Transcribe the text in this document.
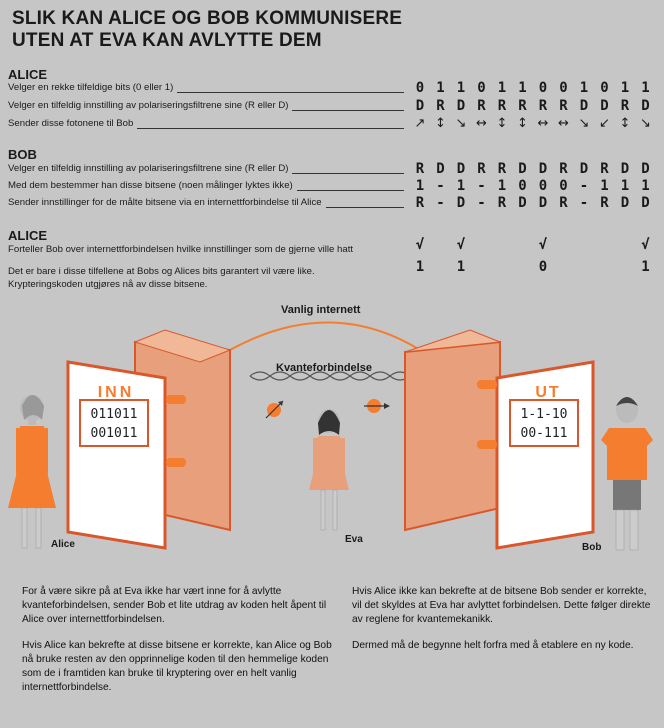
SLIK KAN ALICE OG BOB KOMMUNISERE
UTEN AT EVA KAN AVLYTTE DEM
ALICE
Velger en rekke tilfeldige bits (0 eller 1)
Velger en tilfeldig innstilling av polariseringsfiltrene sine (R eller D)
Sender disse fotonene til Bob
0 1 1 0 1 1 0 0 1 0 1 1
D R D R R R R R D D R D
↗ ↕ ↘ ↔ ↕ ↕ ↔ ↔ ↘ ↙ ↕ ↘
BOB
Velger en tilfeldig innstilling av polariseringsfiltrene sine (R eller D)
Med dem bestemmer han disse bitsene (noen målinger lyktes ikke)
Sender innstillinger for de målte bitsene via en internettforbindelse til Alice
R D D R R D D R D R D D
1 - 1 - 1 0 0 0 - 1 1 1
R - D - R D D R - R D D
ALICE
Forteller Bob over internettforbindelsen hvilke innstillinger som de gjerne ville hatt	√	√	√	√
1	1	0	1
Det er bare i disse tilfellene at Bobs og Alices bits garantert vil være like.
Krypteringskoden utgjøres nå av disse bitsene.
INN
011011
001011
UT
1-1-10
00-111
Vanlig internett
Kvanteforbindelse
Alice	Eva
Bob

For å være sikre på at Eva ikke har vært inne for å avlytte kvanteforbindelsen, sender Bob et lite utdrag av koden helt åpent til Alice over internettforbindelsen.

Hvis Alice kan bekrefte at disse bitsene er korrekte, kan Alice og Bob nå bruke resten av den opprinnelige koden til den hemmelige koden som de i framtiden kan bruke til kryptering over en helt vanlig internettforbindelse.

Hvis Alice ikke kan bekrefte at de bitsene Bob sender er korrekte, vil det skyldes at Eva har avlyttet forbindelsen. Dette følger direkte av reglene for kvantemekanikk.

Dermed må de begynne helt forfra med å etablere en ny kode.
